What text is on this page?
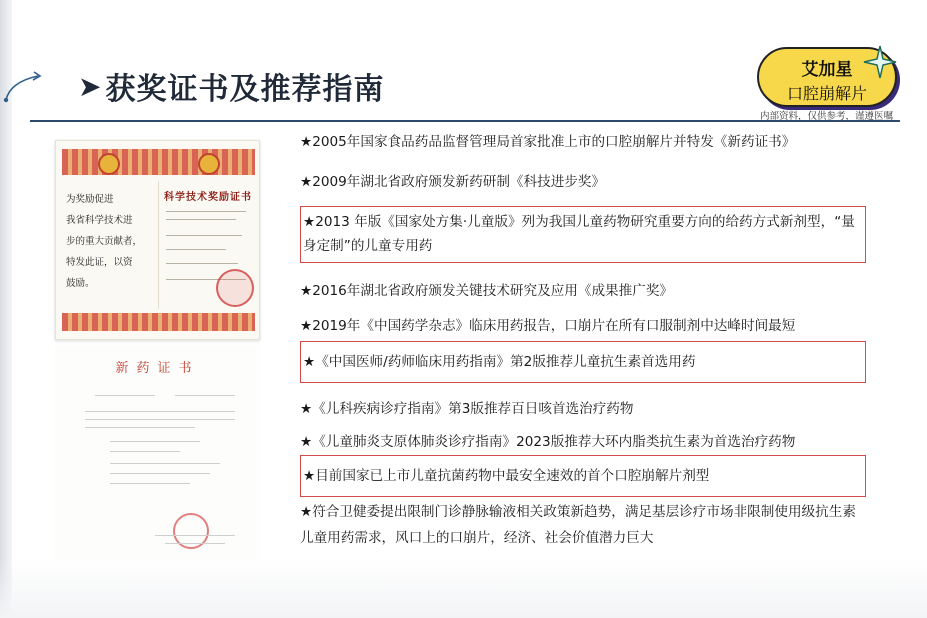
➤ 获奖证书及推荐指南
艾加星
口腔崩解片
内部资料，仅供参考，谨遵医嘱
为奖励促进
我省科学技术进
步的重大贡献者，
特发此证，以资
鼓励。
科学技术奖励证书
新药证书
★2005年国家食品药品监督管理局首家批准上市的口腔崩解片并特发《新药证书》
★2009年湖北省政府颁发新药研制《科技进步奖》
★2013 年版《国家处方集·儿童版》列为我国儿童药物研究重要方向的给药方式新剂型，“量身定制”的儿童专用药
★2016年湖北省政府颁发关键技术研究及应用《成果推广奖》
★2019年《中国药学杂志》临床用药报告，口崩片在所有口服制剂中达峰时间最短
★《中国医师/药师临床用药指南》第2版推荐儿童抗生素首选用药
★《儿科疾病诊疗指南》第3版推荐百日咳首选治疗药物
★《儿童肺炎支原体肺炎诊疗指南》2023版推荐大环内脂类抗生素为首选治疗药物
★目前国家已上市儿童抗菌药物中最安全速效的首个口腔崩解片剂型
★符合卫健委提出限制门诊静脉输液相关政策新趋势，满足基层诊疗市场非限制使用级抗生素儿童用药需求，风口上的口崩片，经济、社会价值潜力巨大
